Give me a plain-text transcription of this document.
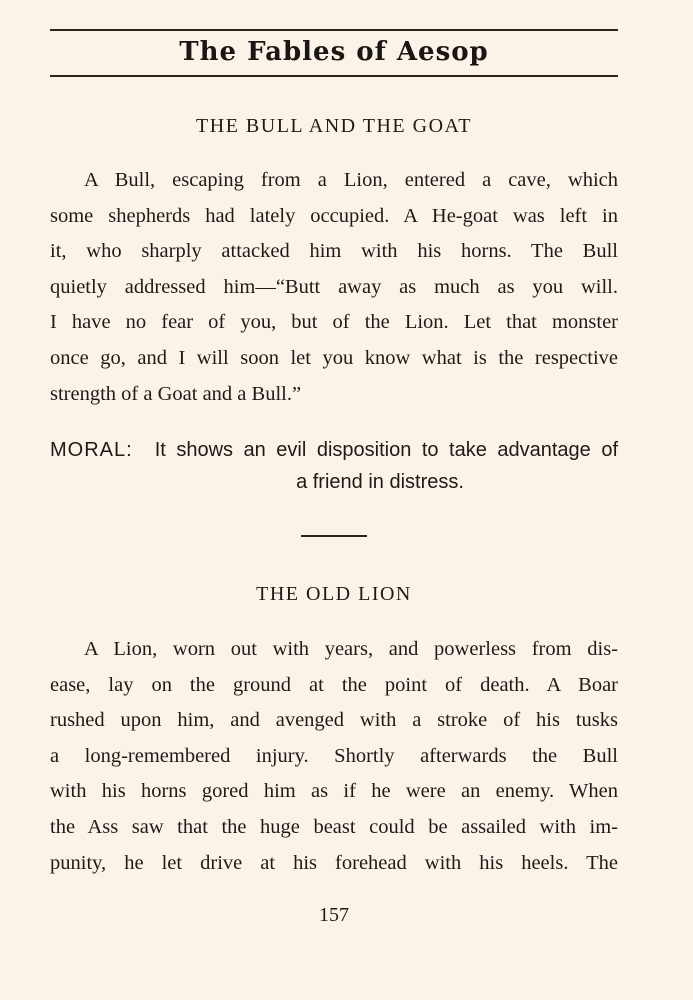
The Fables of Aesop
THE BULL AND THE GOAT
A Bull, escaping from a Lion, entered a cave, which
some shepherds had lately occupied. A He-goat was left in
it, who sharply attacked him with his horns. The Bull
quietly addressed him—“Butt away as much as you will.
I have no fear of you, but of the Lion. Let that monster
once go, and I will soon let you know what is the respective
strength of a Goat and a Bull.”
MORAL: It shows an evil disposition to take advantage of
a friend in distress.
THE OLD LION
A Lion, worn out with years, and powerless from dis-
ease, lay on the ground at the point of death. A Boar
rushed upon him, and avenged with a stroke of his tusks
a long-remembered injury. Shortly afterwards the Bull
with his horns gored him as if he were an enemy. When
the Ass saw that the huge beast could be assailed with im-
punity, he let drive at his forehead with his heels. The
157
